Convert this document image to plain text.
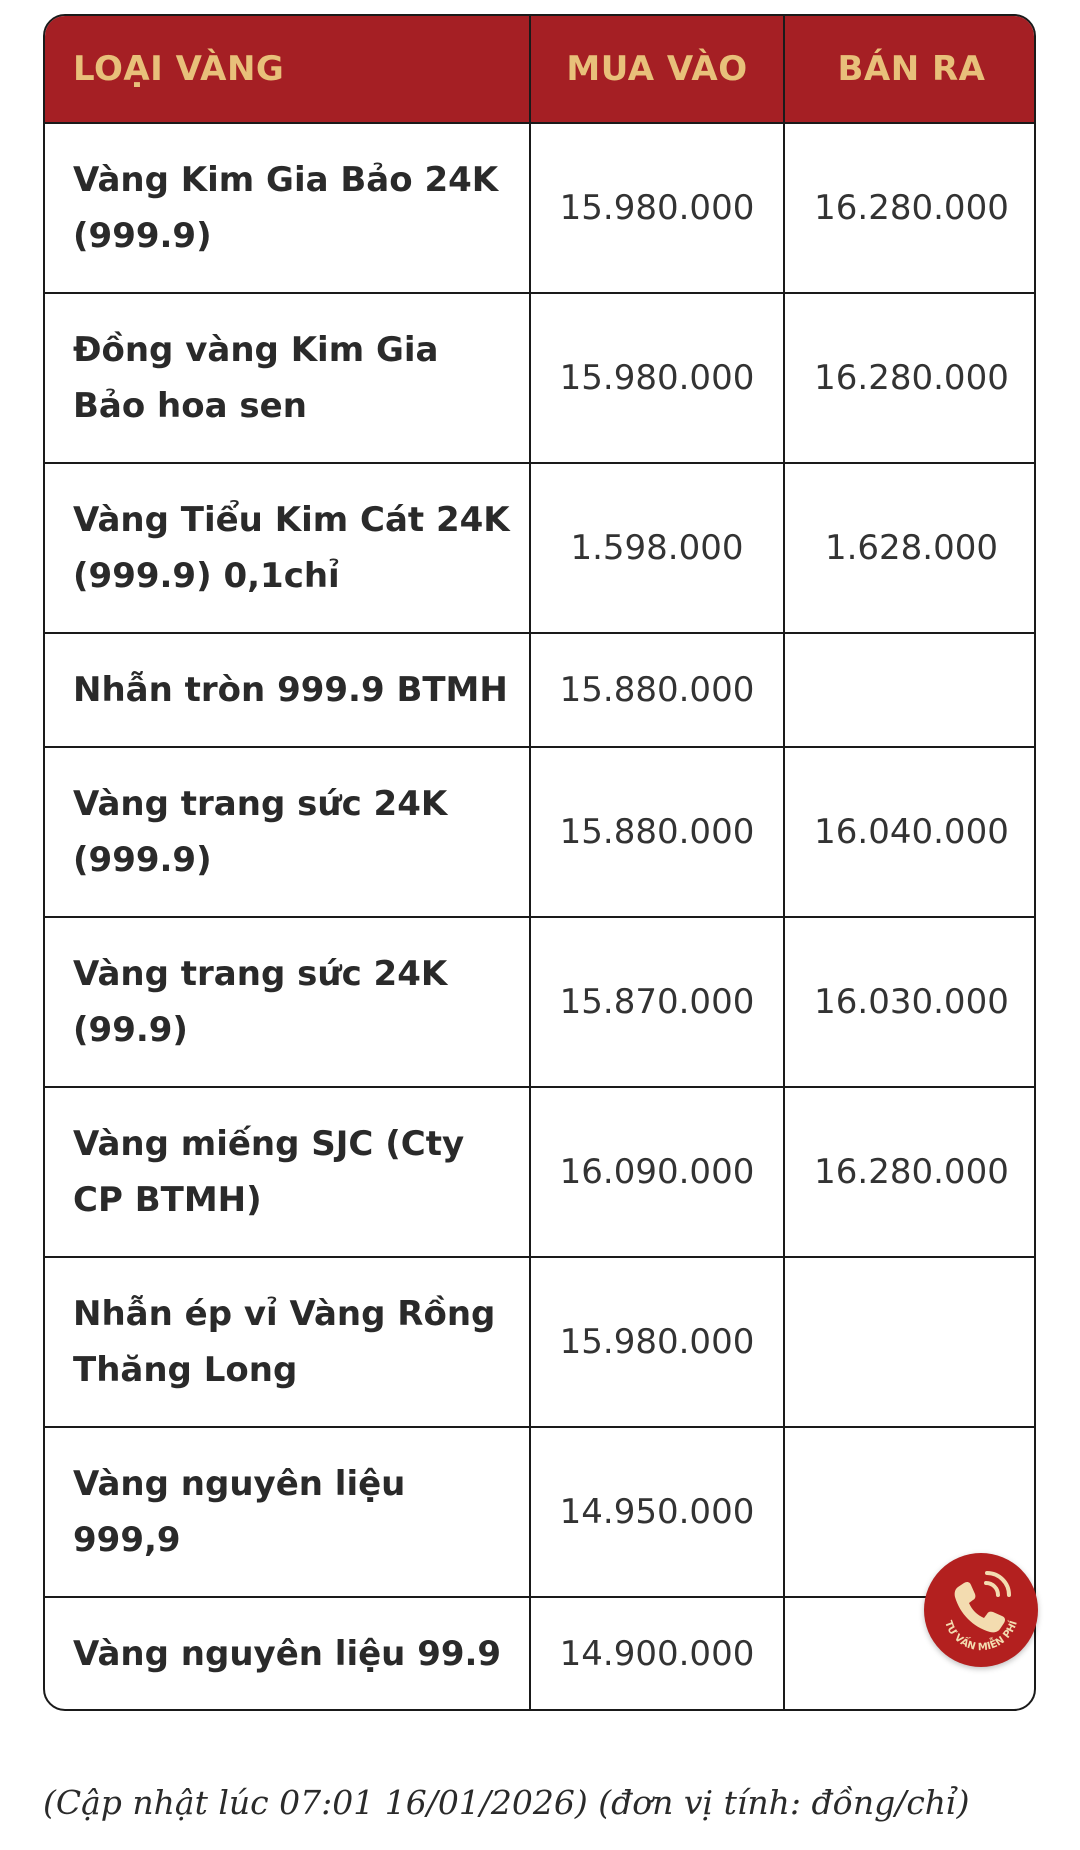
LOẠI VÀNG	MUA VÀO	BÁN RA
Vàng Kim Gia Bảo 24K (999.9)	15.980.000	16.280.000
Đồng vàng Kim Gia Bảo hoa sen	15.980.000	16.280.000
Vàng Tiểu Kim Cát 24K (999.9) 0,1chỉ	1.598.000	1.628.000
Nhẫn tròn 999.9 BTMH	15.880.000	
Vàng trang sức 24K (999.9)	15.880.000	16.040.000
Vàng trang sức 24K (99.9)	15.870.000	16.030.000
Vàng miếng SJC (Cty CP BTMH)	16.090.000	16.280.000
Nhẫn ép vỉ Vàng Rồng Thăng Long	15.980.000	
Vàng nguyên liệu 999,9	14.950.000	
Vàng nguyên liệu 99.9	14.900.000	
TƯ VẤN MIỄN PHÍ
(Cập nhật lúc 07:01 16/01/2026) (đơn vị tính: đồng/chỉ)
